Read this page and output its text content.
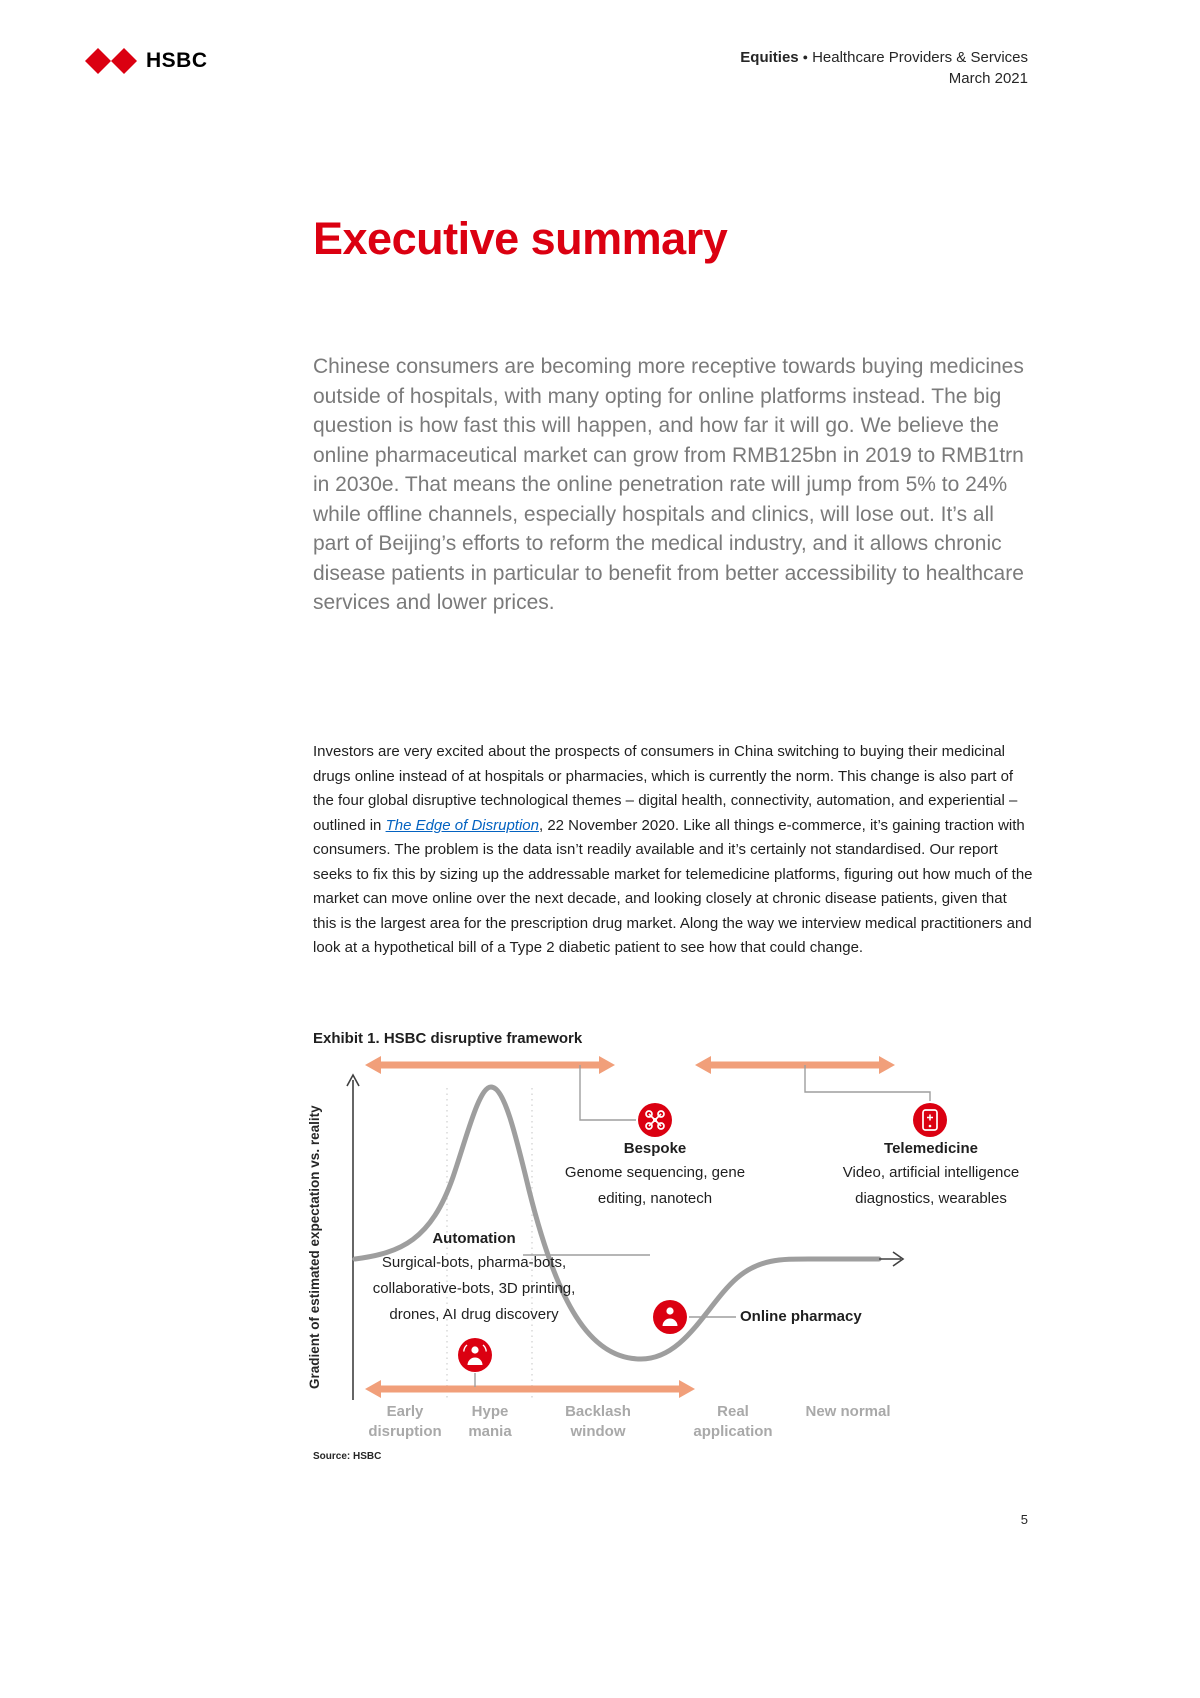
HSBC	Equities ● Healthcare Providers & Services
March 2021
Executive summary

Chinese consumers are becoming more receptive towards buying medicines outside of hospitals, with many opting for online platforms instead. The big question is how fast this will happen, and how far it will go. We believe the online pharmaceutical market can grow from RMB125bn in 2019 to RMB1trn in 2030e. That means the online penetration rate will jump from 5% to 24% while offline channels, especially hospitals and clinics, will lose out. It’s all part of Beijing’s efforts to reform the medical industry, and it allows chronic disease patients in particular to benefit from better accessibility to healthcare services and lower prices.

Investors are very excited about the prospects of consumers in China switching to buying their medicinal drugs online instead of at hospitals or pharmacies, which is currently the norm. This change is also part of the four global disruptive technological themes – digital health, connectivity, automation, and experiential – outlined in The Edge of Disruption, 22 November 2020. Like all things e-commerce, it’s gaining traction with consumers. The problem is the data isn’t readily available and it’s certainly not standardised. Our report seeks to fix this by sizing up the addressable market for telemedicine platforms, figuring out how much of the market can move online over the next decade, and looking closely at chronic disease patients, given that this is the largest area for the prescription drug market. Along the way we interview medical practitioners and look at a hypothetical bill of a Type 2 diabetic patient to see how that could change.

Exhibit 1. HSBC disruptive framework
Gradient of estimated expectation vs. reality	Bespoke
Genome sequencing, gene editing, nanotech
Telemedicine
Video, artificial intelligence diagnostics, wearables
Automation
Surgical-bots, pharma-bots, collaborative-bots, 3D printing, drones, AI drug discovery	Online pharmacy
Early disruption
Hype mania
Backlash window
Real application
New normal
Source: HSBC
5
